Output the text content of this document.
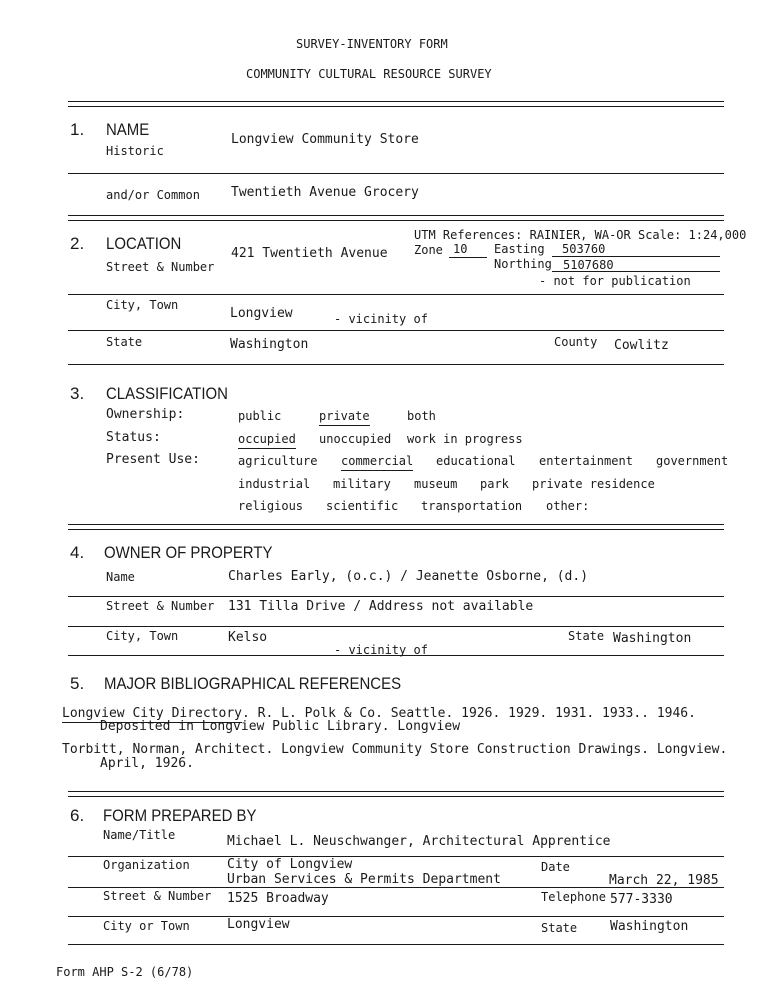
SURVEY-INVENTORY FORM
COMMUNITY CULTURAL RESOURCE SURVEY
1. NAME
Historic
Longview Community Store
and/or Common Twentieth Avenue Grocery
2. LOCATION
Street & Number
421 Twentieth Avenue
UTM References: RAINIER, WA-OR Scale: 1:24,000
Zone 10 Easting 503760
Northing 5107680
- not for publication
City, Town
Longview	- vicinity of
State	Washington	County Cowlitz
3. CLASSIFICATION
Ownership:	public	private	both
Status:	occupied unoccupied work in progress
Present Use:	agriculture commercial educational entertainment government
industrial military museum park private residence
religious scientific transportation other:
4. OWNER OF PROPERTY
Name	Charles Early, (o.c.) / Jeanette Osborne, (d.)
Street & Number 131 Tilla Drive / Address not available
City, Town	Kelso
- vicinity of
State Washington
5. MAJOR BIBLIOGRAPHICAL REFERENCES
Longview City Directory. R. L. Polk & Co. Seattle. 1926. 1929. 1931. 1933.. 1946.
Deposited in Longview Public Library. Longview
Torbitt, Norman, Architect. Longview Community Store Construction Drawings. Longview.
April, 1926.
6. FORM PREPARED BY
Name/Title	Michael L. Neuschwanger, Architectural Apprentice
Organization	City of Longview
Urban Services & Permits Department
Date
March 22, 1985
Street & Number 1525 Broadway	Telephone 577-3330
City or Town	Longview	State	Washington
Form AHP S-2 (6/78)
